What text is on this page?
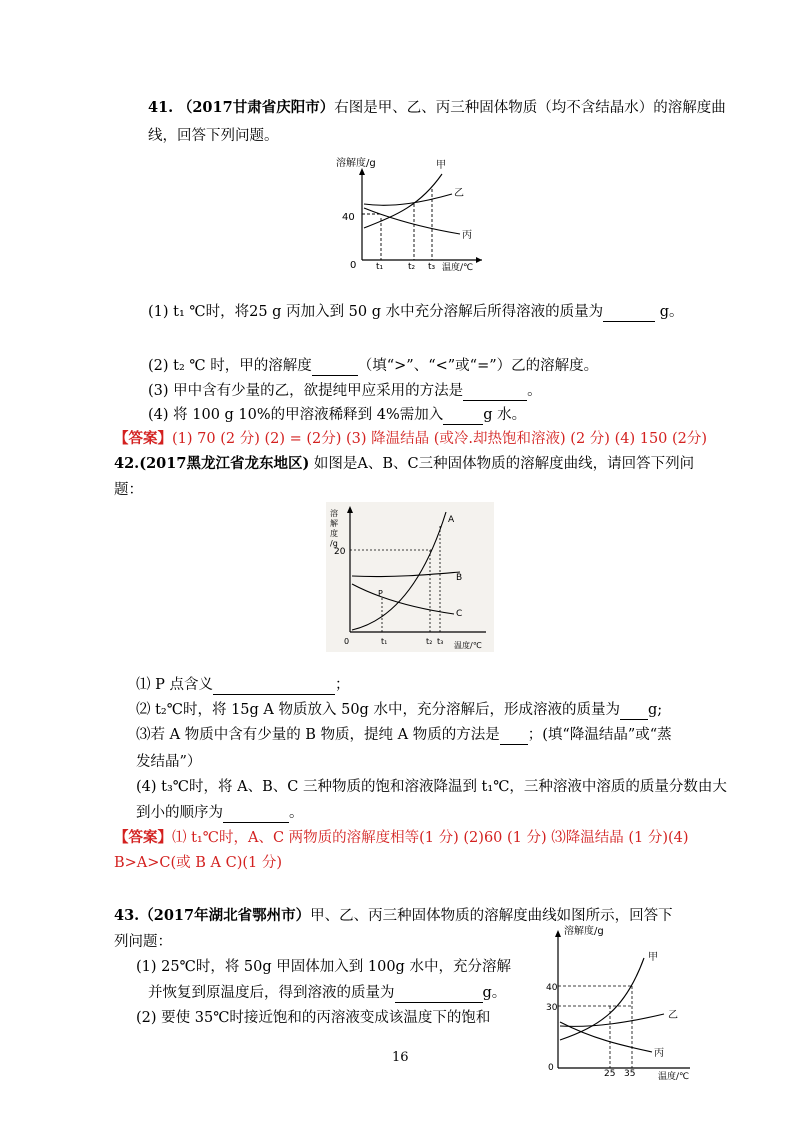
41. （2017甘肃省庆阳市）右图是甲、乙、丙三种固体物质（均不含结晶水）的溶解度曲
线，回答下列问题。
溶解度/g
温度/℃
40
0 t₁	t₂ t₃
甲
乙
丙
(1) t₁ ℃时，将25 g 丙加入到 50 g 水中充分溶解后所得溶液的质量为	g。
(2) t₂ ℃ 时，甲的溶解度	（填“>”、“<”或“=”）乙的溶解度。
(3) 甲中含有少量的乙，欲提纯甲应采用的方法是	。
(4) 将 100 g 10%的甲溶液稀释到 4%需加入	g 水。
【答案】(1) 70 (2 分) (2) = (2分) (3) 降温结晶 (或冷.却热饱和溶液) (2 分) (4) 150 (2分)
42.(2017黑龙江省龙东地区) 如图是A、B、C三种固体物质的溶解度曲线，请回答下列问
题：
溶
解
度
/g
20
0	t₁	t₂ t₃ 温度/℃
A
B
C
P
⑴ P 点含义	；
⑵ t₂℃时，将 15g A 物质放入 50g 水中，充分溶解后，形成溶液的质量为 g;
⑶若 A 物质中含有少量的 B 物质，提纯 A 物质的方法是 ；(填“降温结晶”或“蒸
发结晶”）
(4) t₃℃时，将 A、B、C 三种物质的饱和溶液降温到 t₁℃，三种溶液中溶质的质量分数由大
到小的顺序为	。
【答案】⑴ t₁℃时，A、C 两物质的溶解度相等(1 分) (2)60 (1 分) ⑶降温结晶 (1 分)(4)
B>A>C(或 B A C)(1 分)
43.（2017年湖北省鄂州市）甲、乙、丙三种固体物质的溶解度曲线如图所示，回答下
列问题：
(1) 25℃时，将 50g 甲固体加入到 100g 水中，充分溶解
并恢复到原温度后，得到溶液的质量为	g。
(2) 要使 35℃时接近饱和的丙溶液变成该温度下的饱和
溶解度/g
40
30
0
25 35	温度/℃
甲
乙
丙
16
